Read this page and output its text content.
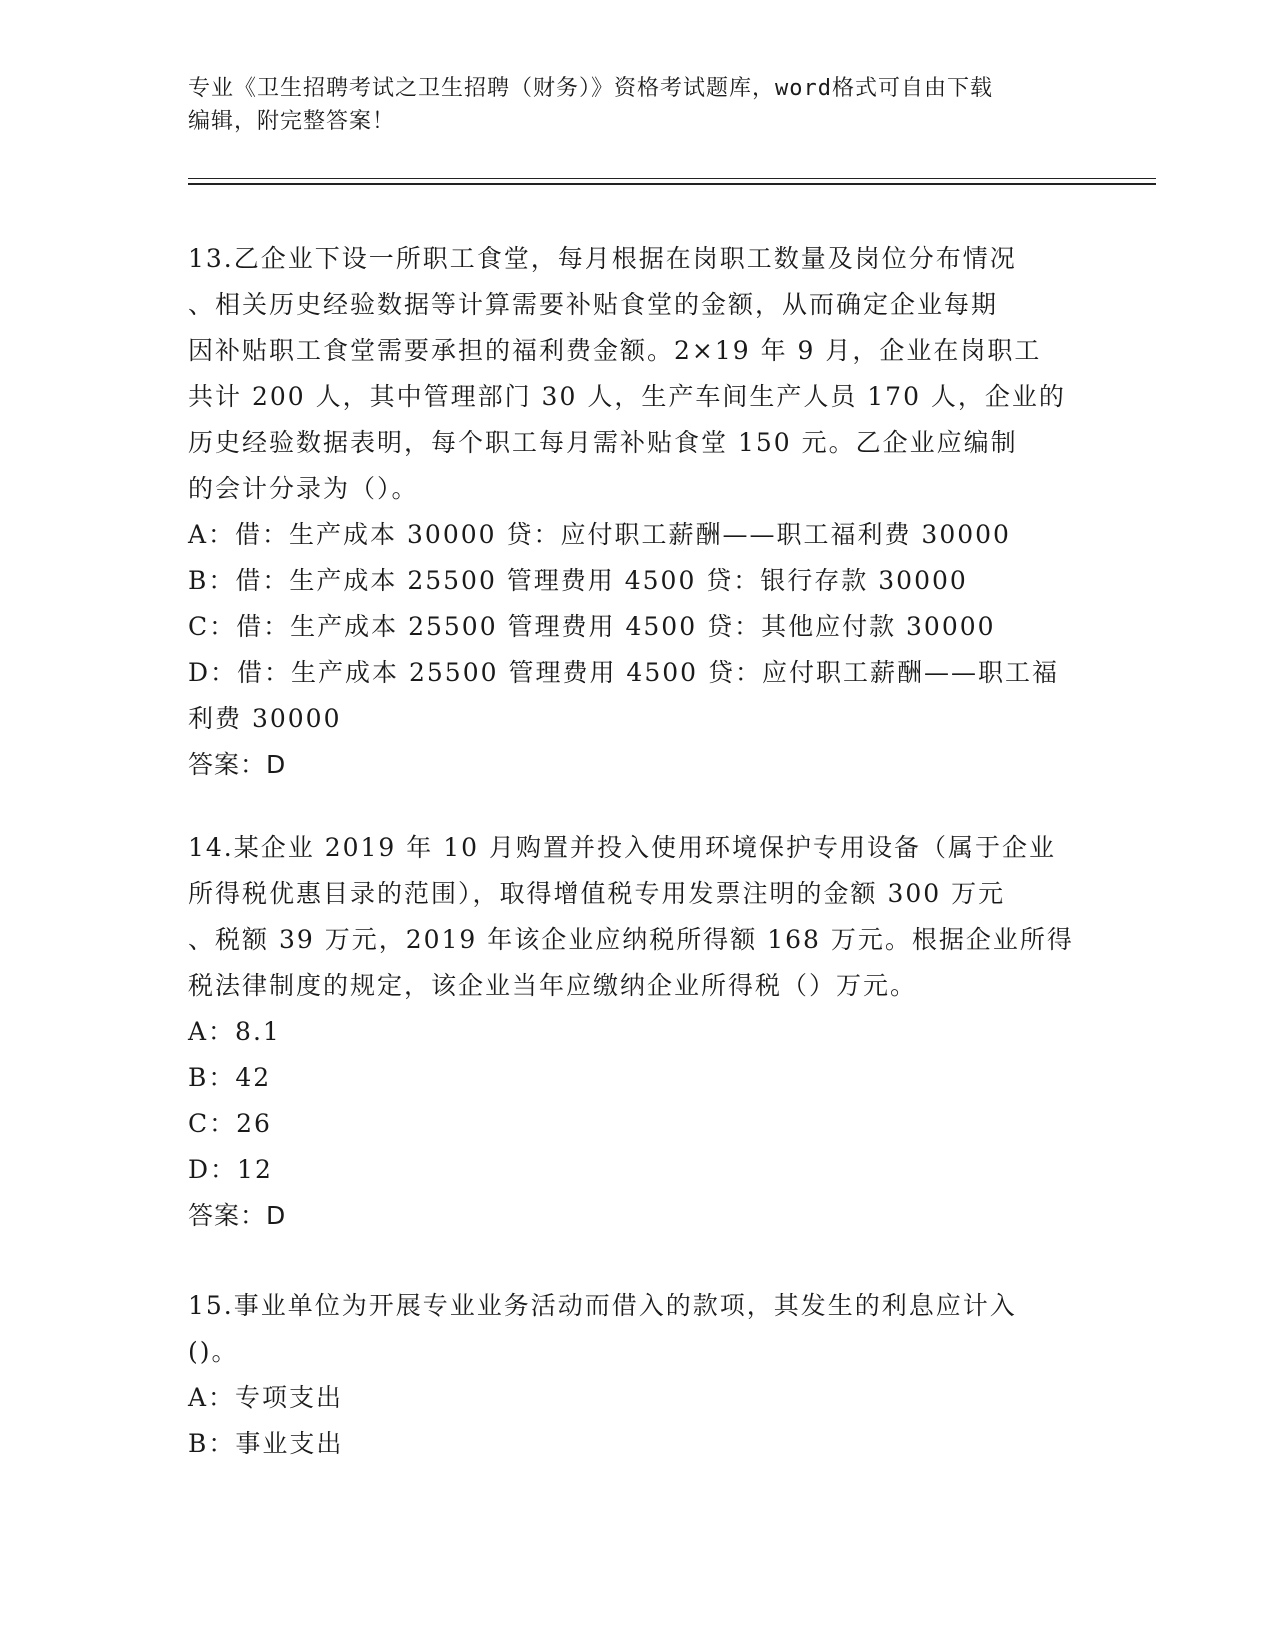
专业《卫生招聘考试之卫生招聘（财务）》资格考试题库，word格式可自由下载
编辑，附完整答案！
13.乙企业下设一所职工食堂，每月根据在岗职工数量及岗位分布情况
、相关历史经验数据等计算需要补贴食堂的金额，从而确定企业每期
因补贴职工食堂需要承担的福利费金额。2×19 年 9 月，企业在岗职工
共计 200 人，其中管理部门 30 人，生产车间生产人员 170 人，企业的
历史经验数据表明，每个职工每月需补贴食堂 150 元。乙企业应编制
的会计分录为（）。
A：借：生产成本 30000 贷：应付职工薪酬——职工福利费 30000
B：借：生产成本 25500 管理费用 4500 贷：银行存款 30000
C：借：生产成本 25500 管理费用 4500 贷：其他应付款 30000
D：借：生产成本 25500 管理费用 4500 贷：应付职工薪酬——职工福
利费 30000
答案：D
14.某企业 2019 年 10 月购置并投入使用环境保护专用设备（属于企业
所得税优惠目录的范围），取得增值税专用发票注明的金额 300 万元
、税额 39 万元，2019 年该企业应纳税所得额 168 万元。根据企业所得
税法律制度的规定，该企业当年应缴纳企业所得税（）万元。
A：8.1
B：42
C：26
D：12
答案：D
15.事业单位为开展专业业务活动而借入的款项，其发生的利息应计入
()。
A：专项支出
B：事业支出
